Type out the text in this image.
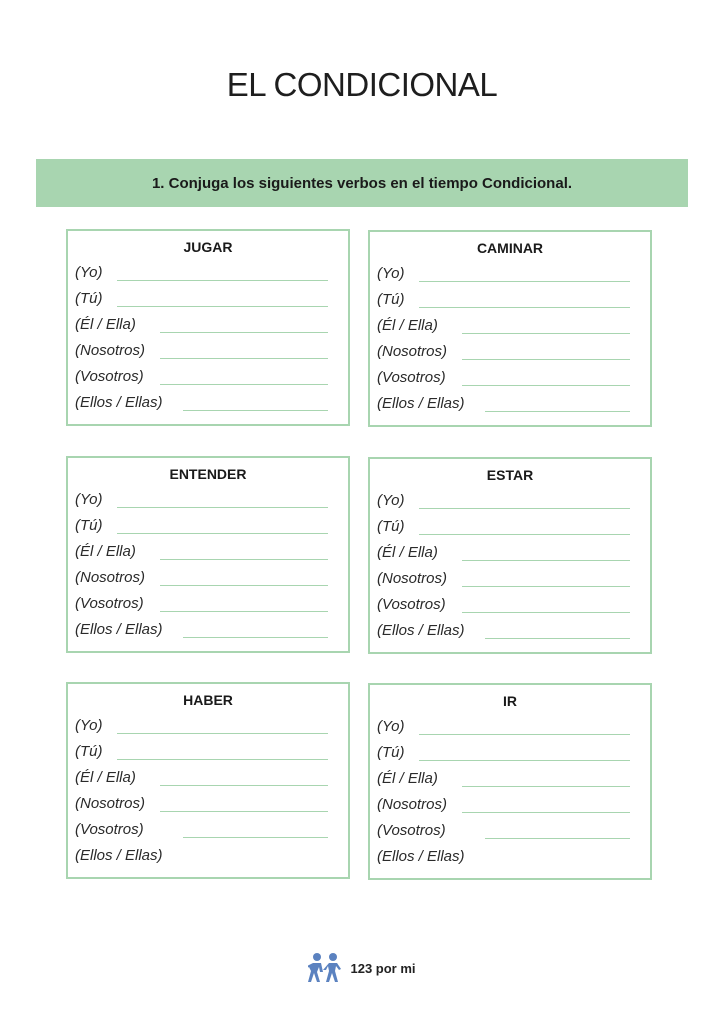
EL CONDICIONAL
1. Conjuga los siguientes verbos en el tiempo Condicional.
JUGAR
(Yo)
(Tú)
(Él / Ella)
(Nosotros)
(Vosotros)
(Ellos / Ellas)
CAMINAR
(Yo)
(Tú)
(Él / Ella)
(Nosotros)
(Vosotros)
(Ellos / Ellas)
ENTENDER
(Yo)
(Tú)
(Él / Ella)
(Nosotros)
(Vosotros)
(Ellos / Ellas)
ESTAR
(Yo)
(Tú)
(Él / Ella)
(Nosotros)
(Vosotros)
(Ellos / Ellas)
HABER
(Yo)
(Tú)
(Él / Ella)
(Nosotros)
(Vosotros)
(Ellos / Ellas)
IR
(Yo)
(Tú)
(Él / Ella)
(Nosotros)
(Vosotros)
(Ellos / Ellas)
123 por mi
